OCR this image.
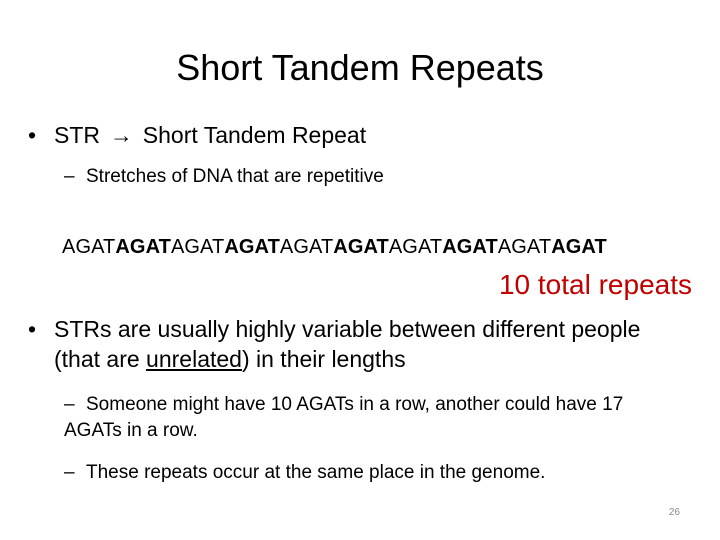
Short Tandem Repeats
• STR → Short Tandem Repeat
– Stretches of DNA that are repetitive
AGATAGATAGATAGATAGATAGATAGATAGATAGATAGAT
10 total repeats
• STRs are usually highly variable between different people (that are unrelated) in their lengths
– Someone might have 10 AGATs in a row, another could have 17 AGATs in a row.
– These repeats occur at the same place in the genome.
26
